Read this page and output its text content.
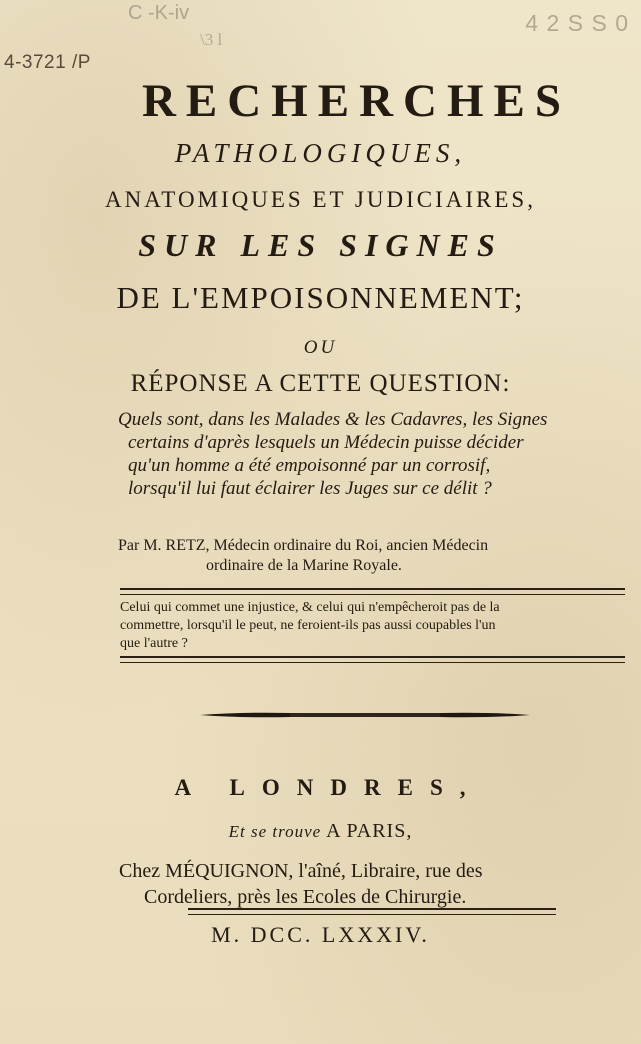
C -K-iv
\3 l
4 2 S S 0
4-3721 /P
RECHERCHES
PATHOLOGIQUES,
ANATOMIQUES ET JUDICIAIRES,
SUR LES SIGNES
DE L'EMPOISONNEMENT;
OU
RÉPONSE A CETTE QUESTION:
Quels sont, dans les Malades & les Cadavres, les Signes
certains d'après lesquels un Médecin puisse décider
qu'un homme a été empoisonné par un corrosif,
lorsqu'il lui faut éclairer les Juges sur ce délit ?
Par M. RETZ, Médecin ordinaire du Roi, ancien Médecin
ordinaire de la Marine Royale.
Celui qui commet une injustice, & celui qui n'empêcheroit pas de la
commettre, lorsqu'il le peut, ne feroient-ils pas aussi coupables l'un
que l'autre ?
A LONDRES,
Et se trouve A PARIS,
Chez MÉQUIGNON, l'aîné, Libraire, rue des
Cordeliers, près les Ecoles de Chirurgie.
M. DCC. LXXXIV.
